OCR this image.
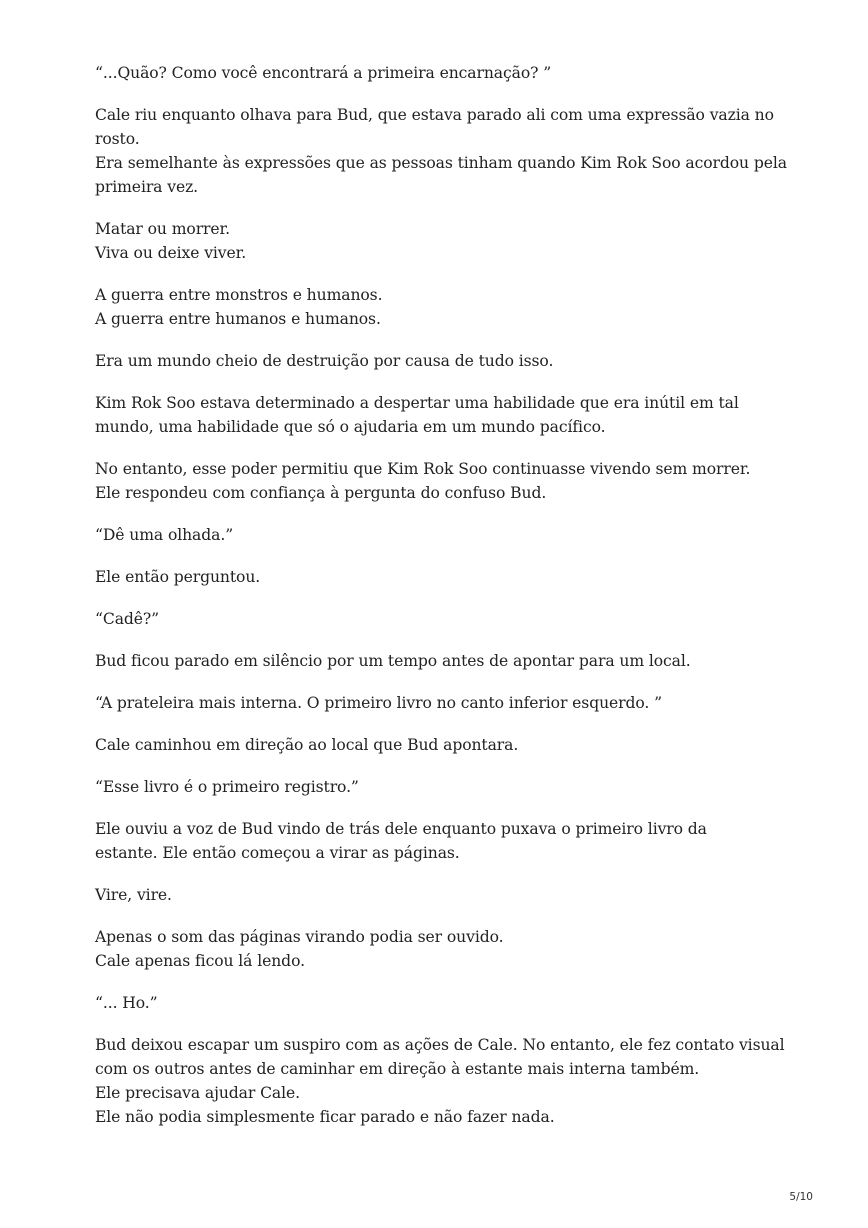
“...Quão? Como você encontrará a primeira encarnação? ”
Cale riu enquanto olhava para Bud, que estava parado ali com uma expressão vazia no
rosto.
Era semelhante às expressões que as pessoas tinham quando Kim Rok Soo acordou pela
primeira vez.
Matar ou morrer.
Viva ou deixe viver.
A guerra entre monstros e humanos.
A guerra entre humanos e humanos.
Era um mundo cheio de destruição por causa de tudo isso.
Kim Rok Soo estava determinado a despertar uma habilidade que era inútil em tal
mundo, uma habilidade que só o ajudaria em um mundo pacífico.
No entanto, esse poder permitiu que Kim Rok Soo continuasse vivendo sem morrer.
Ele respondeu com confiança à pergunta do confuso Bud.
“Dê uma olhada.”
Ele então perguntou.
“Cadê?”
Bud ficou parado em silêncio por um tempo antes de apontar para um local.
“A prateleira mais interna. O primeiro livro no canto inferior esquerdo. ”
Cale caminhou em direção ao local que Bud apontara.
“Esse livro é o primeiro registro.”
Ele ouviu a voz de Bud vindo de trás dele enquanto puxava o primeiro livro da
estante. Ele então começou a virar as páginas.
Vire, vire.
Apenas o som das páginas virando podia ser ouvido.
Cale apenas ficou lá lendo.
“... Ho.”
Bud deixou escapar um suspiro com as ações de Cale. No entanto, ele fez contato visual
com os outros antes de caminhar em direção à estante mais interna também.
Ele precisava ajudar Cale.
Ele não podia simplesmente ficar parado e não fazer nada.
5/10
